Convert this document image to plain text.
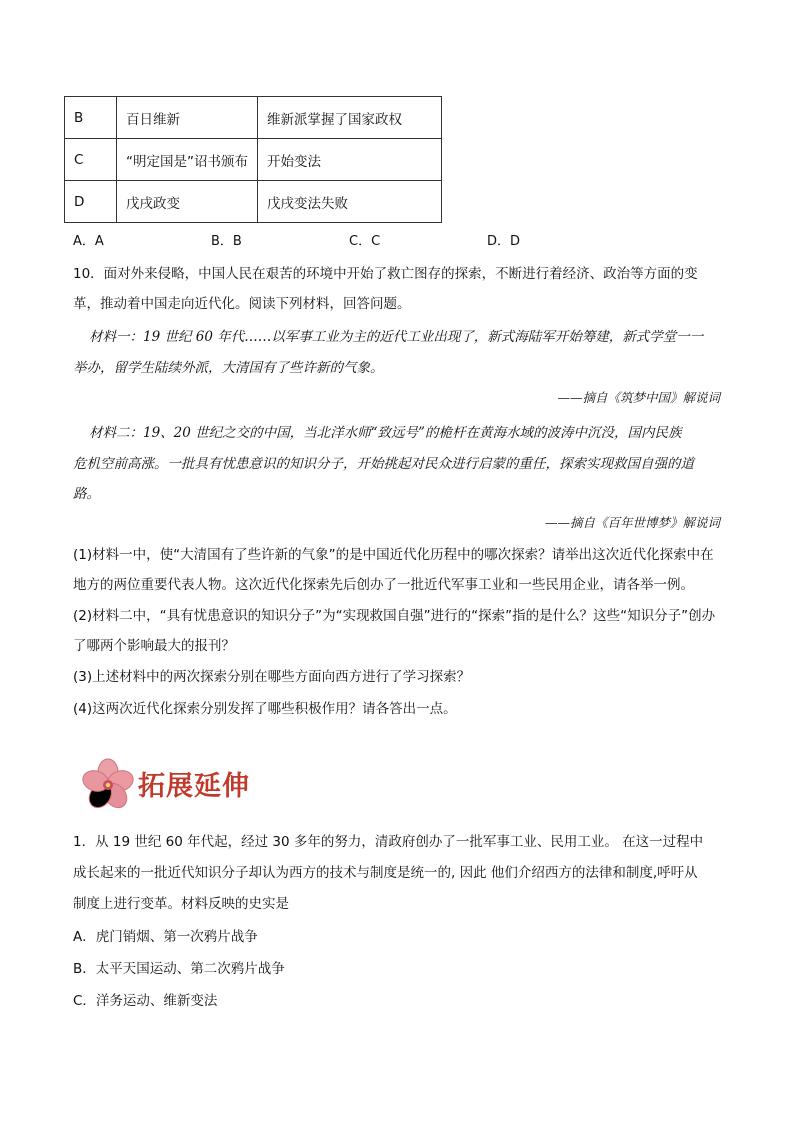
B	百日维新	维新派掌握了国家政权
C	“明定国是”诏书颁布	开始变法
D	戊戌政变	戊戌变法失败
A．A	B．B	C．C	D．D
10．面对外来侵略，中国人民在艰苦的环境中开始了救亡图存的探索，不断进行着经济、政治等方面的变
革，推动着中国走向近代化。阅读下列材料，回答问题。
材料一：19 世纪 60 年代……以军事工业为主的近代工业出现了，新式海陆军开始筹建，新式学堂一一
举办，留学生陆续外派，大清国有了些许新的气象。
——摘自《筑梦中国》解说词
材料二：19、20 世纪之交的中国，当北洋水师“致远号”的桅杆在黄海水域的波涛中沉没，国内民族
危机空前高涨。一批具有忧患意识的知识分子，开始挑起对民众进行启蒙的重任，探索实现救国自强的道
路。
——摘自《百年世博梦》解说词
(1)材料一中，使“大清国有了些许新的气象”的是中国近代化历程中的哪次探索？请举出这次近代化探索中在
地方的两位重要代表人物。这次近代化探索先后创办了一批近代军事工业和一些民用企业，请各举一例。
(2)材料二中，“具有忧患意识的知识分子”为“实现救国自强”进行的“探索”指的是什么？这些“知识分子”创办
了哪两个影响最大的报刊？
(3)上述材料中的两次探索分别在哪些方面向西方进行了学习探索？
(4)这两次近代化探索分别发挥了哪些积极作用？请各答出一点。
拓展延伸
1．从 19 世纪 60 年代起，经过 30 多年的努力，清政府创办了一批军事工业、民用工业。 在这一过程中
成长起来的一批近代知识分子却认为西方的技术与制度是统一的, 因此 他们介绍西方的法律和制度,呼吁从
制度上进行变革。材料反映的史实是
A．虎门销烟、第一次鸦片战争
B．太平天国运动、第二次鸦片战争
C．洋务运动、维新变法
